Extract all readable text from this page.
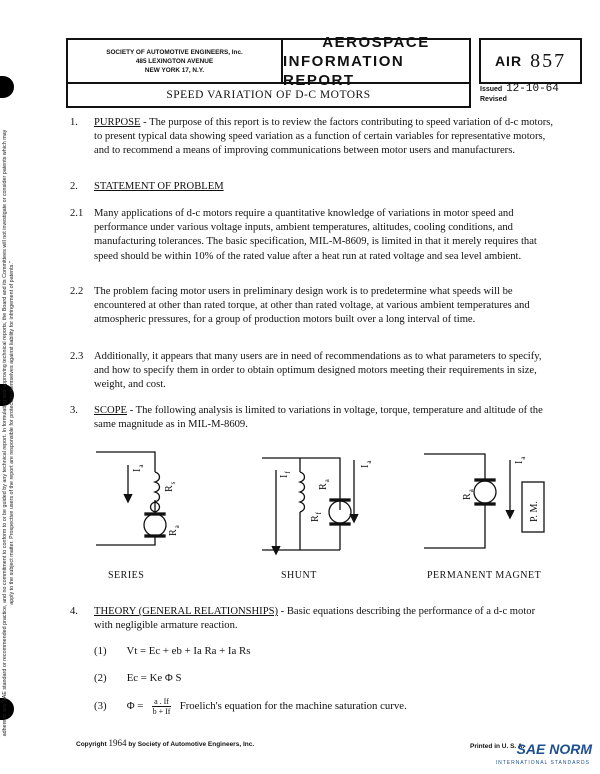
adhere to any SAE standard or recommended practice, and no commitment to conform to or be guided by any technical report. In formulating and approving technical reports, the Board and its Committees will not investigate or consider patents which may apply to the subject matter. Prospective users of the report are responsible for protecting themselves against liability for infringement of patents."
SOCIETY OF AUTOMOTIVE ENGINEERS, Inc.
485 LEXINGTON AVENUE
NEW YORK 17, N.Y.
AEROSPACE
INFORMATION REPORT
AIR 857
SPEED VARIATION OF D-C MOTORS	Issued 12-10-64
Revised
1. PURPOSE - The purpose of this report is to review the factors contributing to speed variation of d-c motors, to present typical data showing speed variation as a function of certain variables for representative motors, and to recommend a means of improving communications between motor users and manufacturers.
2. STATEMENT OF PROBLEM
2.1 Many applications of d-c motors require a quantitative knowledge of variations in motor speed and performance under various voltage inputs, ambient temperatures, altitudes, cooling conditions, and manufacturing tolerances. The basic specification, MIL-M-8609, is limited in that it merely requires that speed should be within 10% of the rated value after a heat run at rated voltage and sea level ambient.
2.2 The problem facing motor users in preliminary design work is to predetermine what speeds will be encountered at other than rated torque, at other than rated voltage, at various ambient temperatures and atmospheric pressures, for a group of production motors built over a long interval of time.
2.3 Additionally, it appears that many users are in need of recommendations as to what parameters to specify, and how to specify them in order to obtain optimum designed motors meeting their requirements in size, weight, and cost.
3. SCOPE - The following analysis is limited to variations in voltage, torque, temperature and altitude of the same magnitude as in MIL-M-8609.
$I_a$
$R_s$
$R_a$
$I_f$
$R_f$
$R_a$
$I_a$
$R_a$
$I_a$
P. M.
SERIES	SHUNT	PERMANENT MAGNET
4. THEORY (GENERAL RELATIONSHIPS) - Basic equations describing the performance of a d-c motor with negligible armature reaction.
(1) Vt = Ec + eb + Ia Ra + Ia Rs
(2) Ec = Ke Φ S
(3) $\Phi = \frac{a . If}{b + If}$ Froelich's equation for the machine saturation curve.
Copyright 1964 by Society of Automotive Engineers, Inc.	Printed in U. S. A.
SAE NORM
INTERNATIONAL STANDARDS
